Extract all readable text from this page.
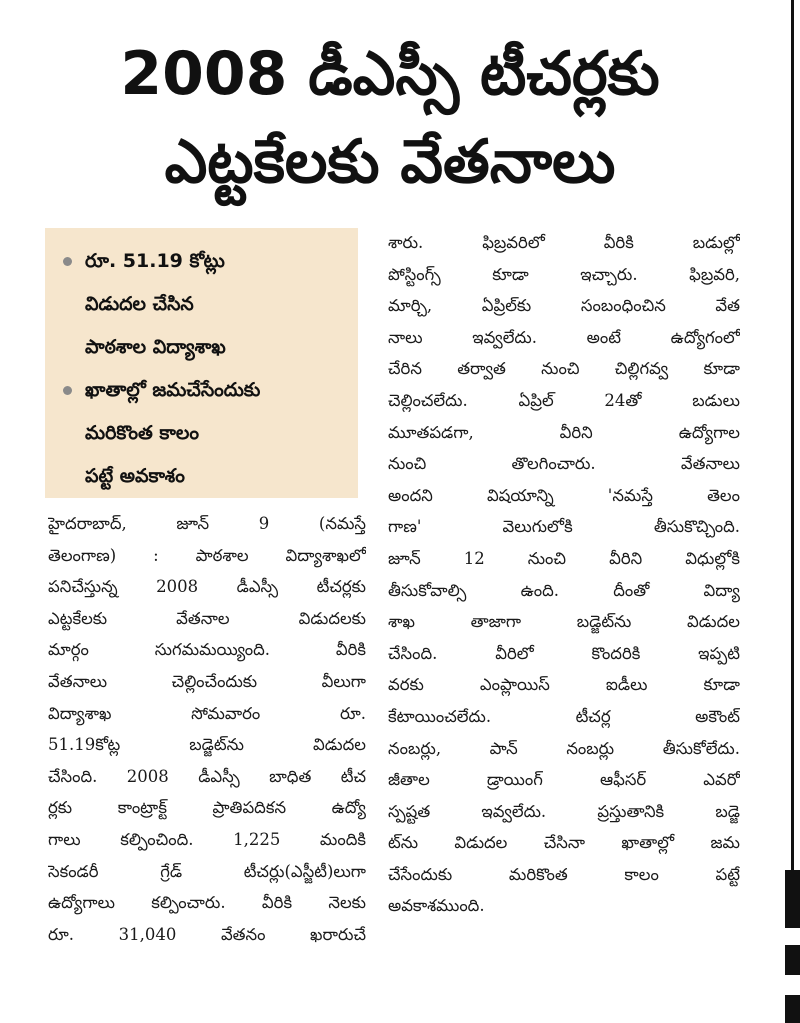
2008 డీఎస్సీ టీచర్లకు
ఎట్టకేలకు వేతనాలు
రూ. 51.19 కోట్లు
విడుదల చేసిన
పాఠశాల విద్యాశాఖ
ఖాతాల్లో జమచేసేందుకు
మరికొంత కాలం
పట్టే అవకాశం
హైదరాబాద్, జూన్ 9 (నమస్తే
తెలంగాణ) : పాఠశాల విద్యాశాఖలో
పనిచేస్తున్న 2008 డీఎస్సీ టీచర్లకు
ఎట్టకేలకు వేతనాల విడుదలకు
మార్గం సుగమమయ్యింది. వీరికి
వేతనాలు చెల్లించేందుకు వీలుగా
విద్యాశాఖ సోమవారం రూ.
51.19కోట్ల బడ్జెట్‌ను విడుదల
చేసింది. 2008 డీఎస్సీ బాధిత టీచ
ర్లకు కాంట్రాక్ట్ ప్రాతిపదికన ఉద్యో
గాలు కల్పించింది. 1,225 మందికి
సెకండరీ గ్రేడ్ టీచర్లు(ఎస్జీటీ)లుగా
ఉద్యోగాలు కల్పించారు. వీరికి నెలకు
రూ. 31,040 వేతనం ఖరారుచే
శారు. ఫిబ్రవరిలో వీరికి బడుల్లో
పోస్టింగ్స్ కూడా ఇచ్చారు. ఫిబ్రవరి,
మార్చి, ఏప్రిల్‌కు సంబంధించిన వేత
నాలు ఇవ్వలేదు. అంటే ఉద్యోగంలో
చేరిన తర్వాత నుంచి చిల్లిగవ్వ కూడా
చెల్లించలేదు. ఏప్రిల్ 24తో బడులు
మూతపడగా, వీరిని ఉద్యోగాల
నుంచి తొలగించారు. వేతనాలు
అందని విషయాన్ని 'నమస్తే తెలం
గాణ' వెలుగులోకి తీసుకొచ్చింది.
జూన్ 12 నుంచి వీరిని విధుల్లోకి
తీసుకోవాల్సి ఉంది. దీంతో విద్యా
శాఖ తాజాగా బడ్జెట్‌ను విడుదల
చేసింది. వీరిలో కొందరికి ఇప్పటి
వరకు ఎంప్లాయిస్ ఐడీలు కూడా
కేటాయించలేదు. టీచర్ల అకౌంట్
నంబర్లు, పాన్ నంబర్లు తీసుకోలేదు.
జీతాల డ్రాయింగ్ ఆఫీసర్ ఎవరో
స్పష్టత ఇవ్వలేదు. ప్రస్తుతానికి బడ్జె
ట్‌ను విడుదల చేసినా ఖాతాల్లో జమ
చేసేందుకు మరికొంత కాలం పట్టే
అవకాశముంది.
